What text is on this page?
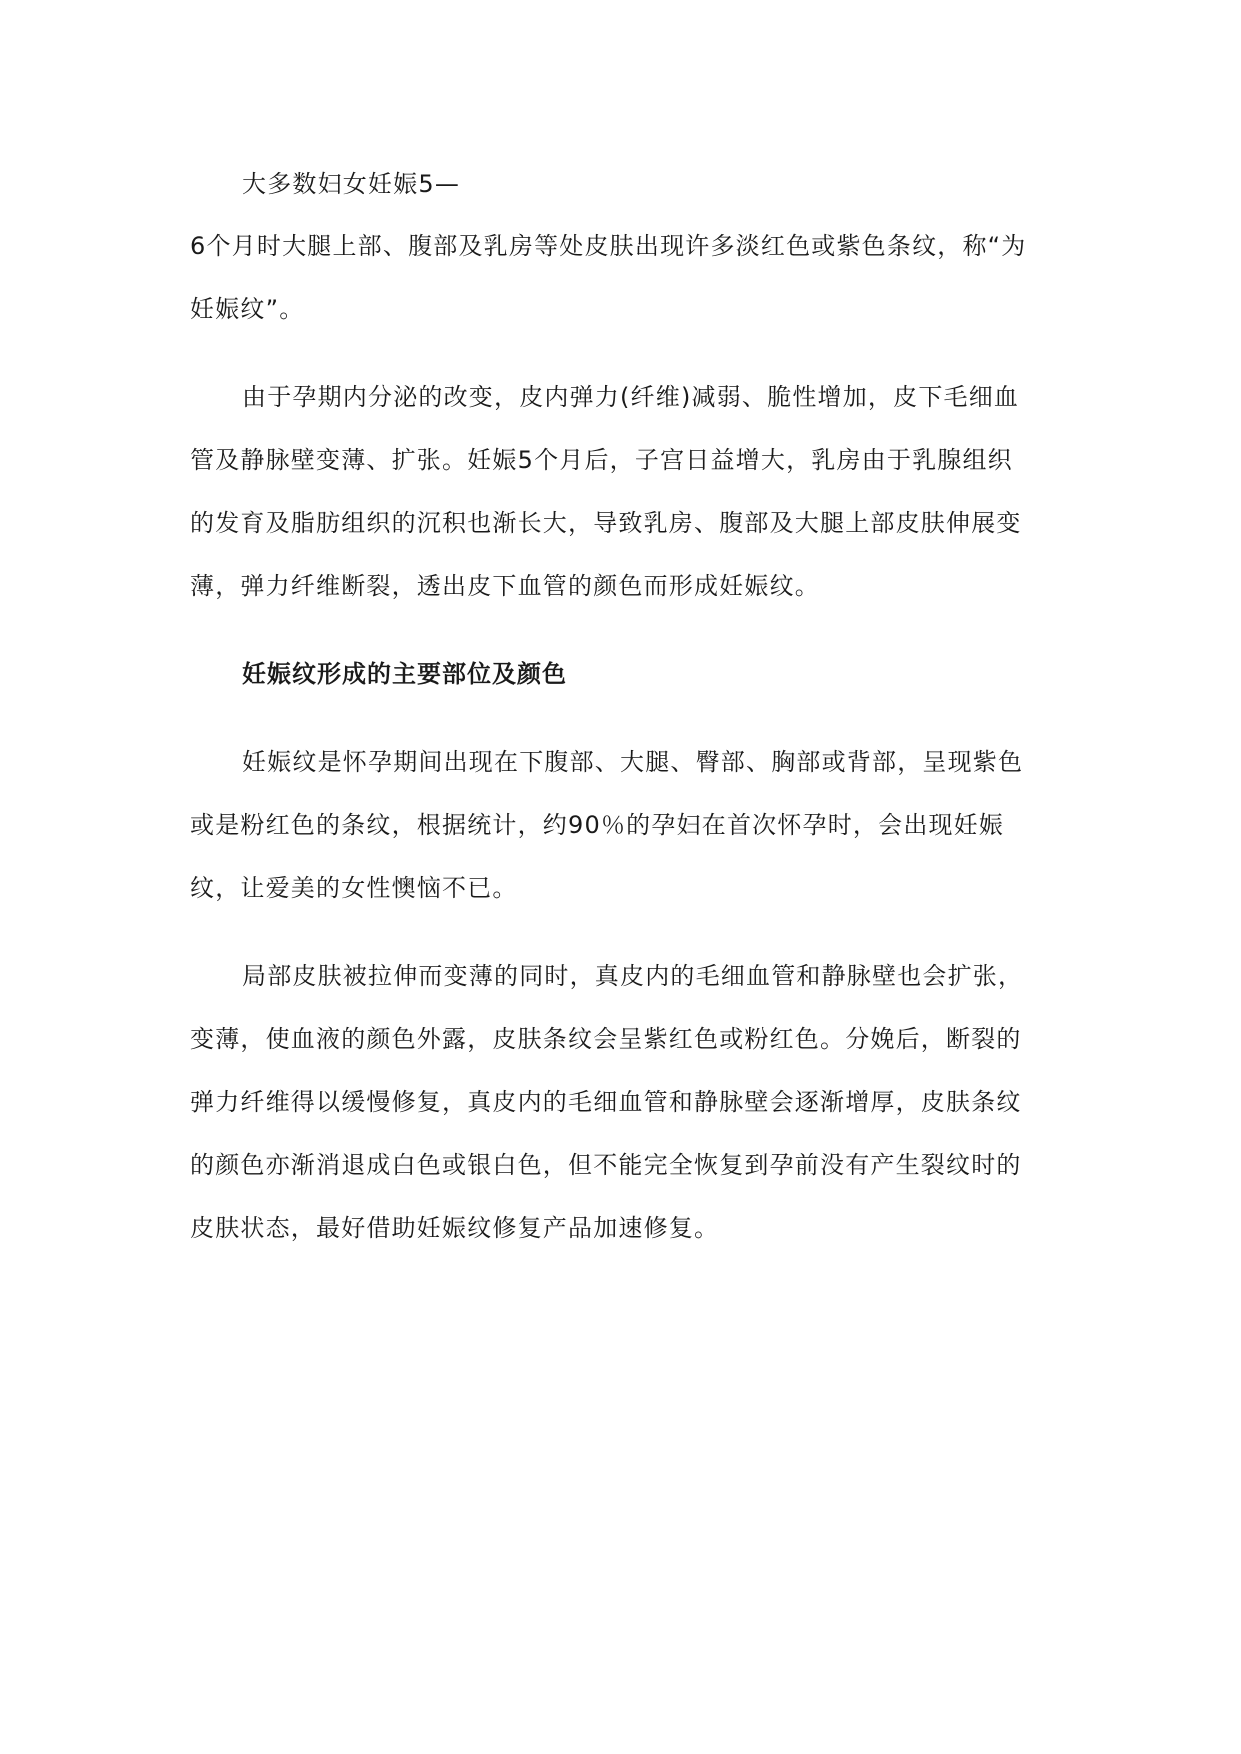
大多数妇女妊娠5—
6个月时大腿上部、腹部及乳房等处皮肤出现许多淡红色或紫色条纹，称“为
妊娠纹”。
由于孕期内分泌的改变，皮内弹力(纤维)减弱、脆性增加，皮下毛细血
管及静脉壁变薄、扩张。妊娠5个月后，子宫日益增大，乳房由于乳腺组织
的发育及脂肪组织的沉积也渐长大，导致乳房、腹部及大腿上部皮肤伸展变
薄，弹力纤维断裂，透出皮下血管的颜色而形成妊娠纹。
妊娠纹形成的主要部位及颜色
妊娠纹是怀孕期间出现在下腹部、大腿、臀部、胸部或背部，呈现紫色
或是粉红色的条纹，根据统计，约90％的孕妇在首次怀孕时，会出现妊娠
纹，让爱美的女性懊恼不已。
局部皮肤被拉伸而变薄的同时，真皮内的毛细血管和静脉壁也会扩张，
变薄，使血液的颜色外露，皮肤条纹会呈紫红色或粉红色。分娩后，断裂的
弹力纤维得以缓慢修复，真皮内的毛细血管和静脉壁会逐渐增厚，皮肤条纹
的颜色亦渐消退成白色或银白色，但不能完全恢复到孕前没有产生裂纹时的
皮肤状态，最好借助妊娠纹修复产品加速修复。
